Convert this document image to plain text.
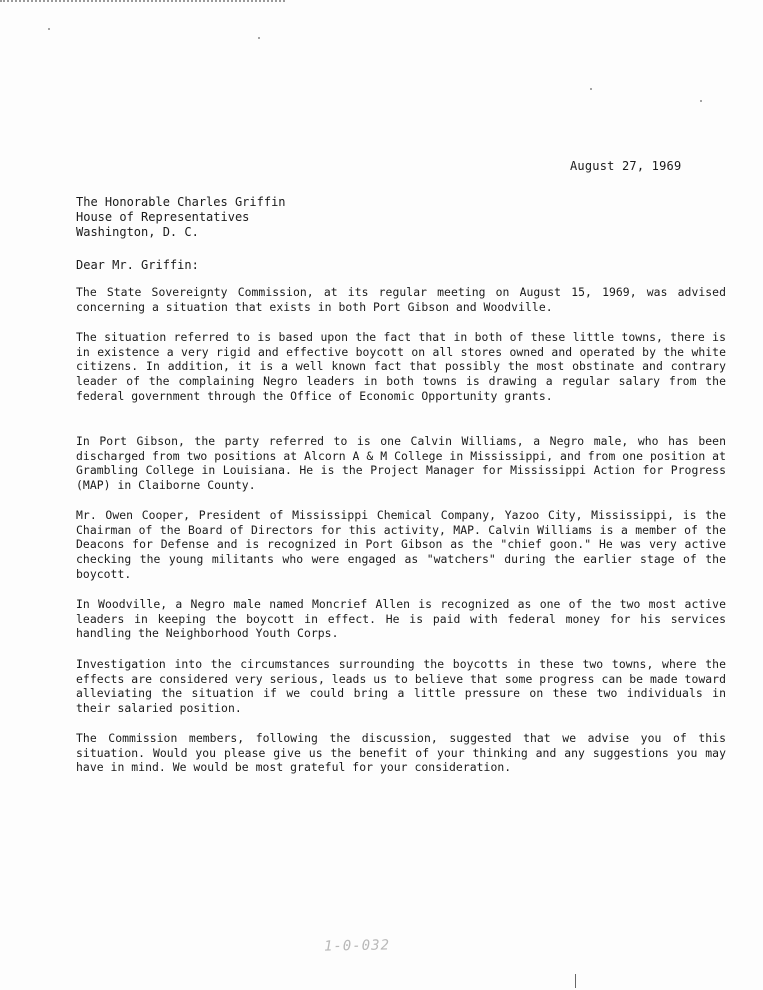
August 27, 1969
The Honorable Charles Griffin
House of Representatives
Washington, D. C.
Dear Mr. Griffin:
The State Sovereignty Commission, at its regular meeting on August 15, 1969, was advised concerning a situation that exists in both Port Gibson and Woodville.
The situation referred to is based upon the fact that in both of these little towns, there is in existence a very rigid and effective boycott on all stores owned and operated by the white citizens. In addition, it is a well known fact that possibly the most obstinate and contrary leader of the complaining Negro leaders in both towns is drawing a regular salary from the federal government through the Office of Economic Opportunity grants.
In Port Gibson, the party referred to is one Calvin Williams, a Negro male, who has been discharged from two positions at Alcorn A & M College in Mississippi, and from one position at Grambling College in Louisiana. He is the Project Manager for Mississippi Action for Progress (MAP) in Claiborne County.
Mr. Owen Cooper, President of Mississippi Chemical Company, Yazoo City, Mississippi, is the Chairman of the Board of Directors for this activity, MAP. Calvin Williams is a member of the Deacons for Defense and is recognized in Port Gibson as the "chief goon." He was very active checking the young militants who were engaged as "watchers" during the earlier stage of the boycott.
In Woodville, a Negro male named Moncrief Allen is recognized as one of the two most active leaders in keeping the boycott in effect. He is paid with federal money for his services handling the Neighborhood Youth Corps.
Investigation into the circumstances surrounding the boycotts in these two towns, where the effects are considered very serious, leads us to believe that some progress can be made toward alleviating the situation if we could bring a little pressure on these two individuals in their salaried position.
The Commission members, following the discussion, suggested that we advise you of this situation. Would you please give us the benefit of your thinking and any suggestions you may have in mind. We would be most grateful for your consideration.
1-0-032
